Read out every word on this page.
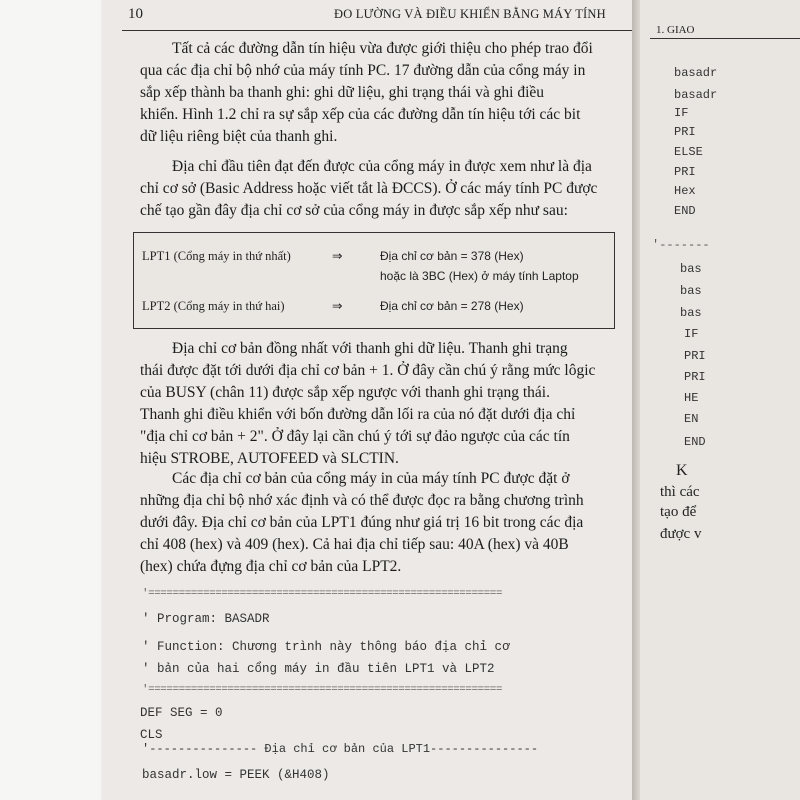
10	ĐO LƯỜNG VÀ ĐIỀU KHIỂN BẰNG MÁY TÍNH
Tất cả các đường dẫn tín hiệu vừa được giới thiệu cho phép trao đổi
qua các địa chỉ bộ nhớ của máy tính PC. 17 đường dẫn của cổng máy in
sắp xếp thành ba thanh ghi: ghi dữ liệu, ghi trạng thái và ghi điều
khiển. Hình 1.2 chỉ ra sự sắp xếp của các đường dẫn tín hiệu tới các bit
dữ liệu riêng biệt của thanh ghi.
Địa chỉ đầu tiên đạt đến được của cổng máy in được xem như là địa
chỉ cơ sở (Basic Address hoặc viết tắt là ĐCCS). Ở các máy tính PC được
chế tạo gần đây địa chỉ cơ sở của cổng máy in được sắp xếp như sau:
LPT1 (Cổng máy in thứ nhất)	⇒	Địa chỉ cơ bản = 378 (Hex)
hoặc là 3BC (Hex) ở máy tính Laptop
LPT2 (Cổng máy in thứ hai)	⇒	Địa chỉ cơ bản = 278 (Hex)
Địa chỉ cơ bản đồng nhất với thanh ghi dữ liệu. Thanh ghi trạng
thái được đặt tới dưới địa chỉ cơ bản + 1. Ở đây cần chú ý rằng mức lôgic
của BUSY (chân 11) được sắp xếp ngược với thanh ghi trạng thái.
Thanh ghi điều khiển với bốn đường dẫn lối ra của nó đặt dưới địa chỉ
"địa chỉ cơ bản + 2". Ở đây lại cần chú ý tới sự đảo ngược của các tín
hiệu STROBE, AUTOFEED và SLCTIN.
Các địa chỉ cơ bản của cổng máy in của máy tính PC được đặt ở
những địa chỉ bộ nhớ xác định và có thể được đọc ra bằng chương trình
dưới đây. Địa chỉ cơ bản của LPT1 đúng như giá trị 16 bit trong các địa
chỉ 408 (hex) và 409 (hex). Cả hai địa chỉ tiếp sau: 40A (hex) và 40B
(hex) chứa đựng địa chỉ cơ bản của LPT2.
'==========================================================
' Program: BASADR
' Function: Chương trình này thông báo địa chỉ cơ
' bản của hai cổng máy in đầu tiên LPT1 và LPT2
'==========================================================
DEF SEG = 0
CLS
'--------------- Địa chỉ cơ bản của LPT1---------------
basadr.low = PEEK (&H408)
1. GIAO
basadr
basadr
IF
PRI
ELSE
PRI
Hex
END
'-------
bas
bas
bas
IF
PRI
PRI
HE
EN
END
K
thì các
tạo để
được v
